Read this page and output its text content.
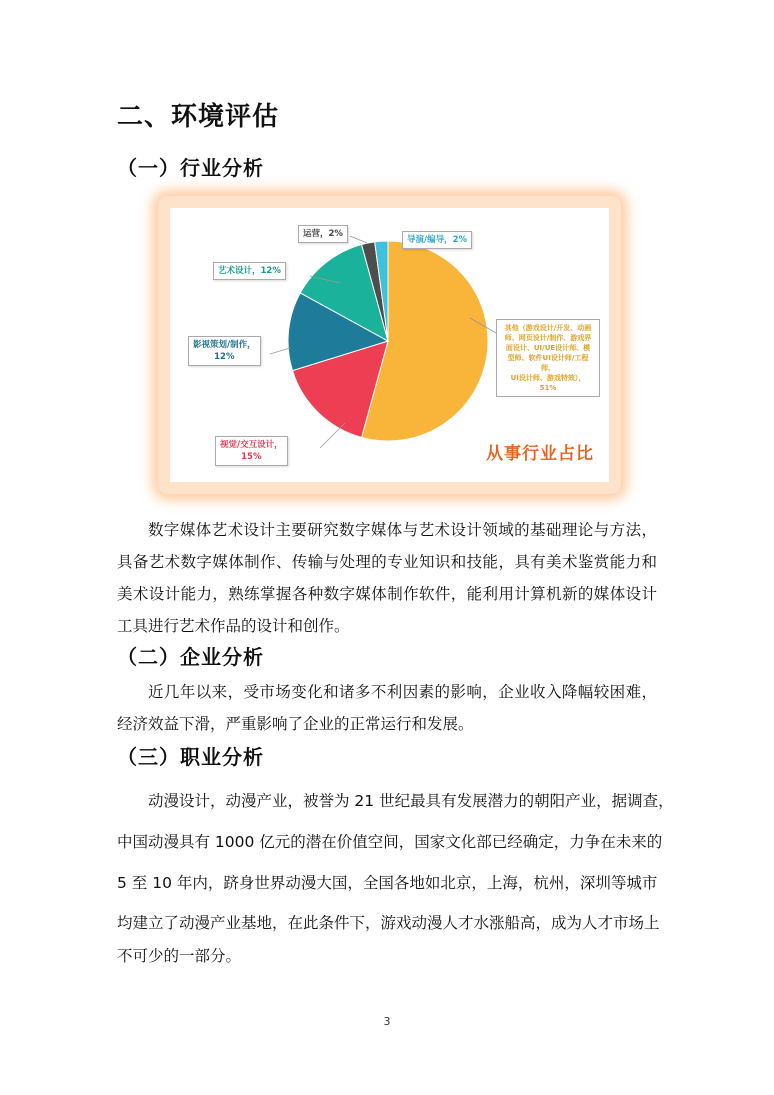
二、环境评估
（一）行业分析
其他（游戏设计/开发、动画
师、网页设计/制作、游戏界
面设计、UI/UE设计师、模
型师、软件UI设计师/工程师、
UI设计师、游戏特效），
51%
视觉/交互设计，
15%
影视策划/制作，
12%
艺术设计，12%
运营，2%
导演/编导，2%
从事行业占比

数字媒体艺术设计主要研究数字媒体与艺术设计领域的基础理论与方法，具备艺术数字媒体制作、传输与处理的专业知识和技能，具有美术鉴赏能力和美术设计能力，熟练掌握各种数字媒体制作软件，能利用计算机新的媒体设计工具进行艺术作品的设计和创作。

（二）企业分析

近几年以来，受市场变化和诸多不利因素的影响，企业收入降幅较困难，经济效益下滑，严重影响了企业的正常运行和发展。

（三）职业分析

动漫设计，动漫产业，被誉为 21 世纪最具有发展潜力的朝阳产业，据调查，

中国动漫具有 1000 亿元的潜在价值空间，国家文化部已经确定，力争在未来的

5 至 10 年内，跻身世界动漫大国，全国各地如北京，上海，杭州，深圳等城市

均建立了动漫产业基地，在此条件下，游戏动漫人才水涨船高，成为人才市场上

不可少的一部分。

3
